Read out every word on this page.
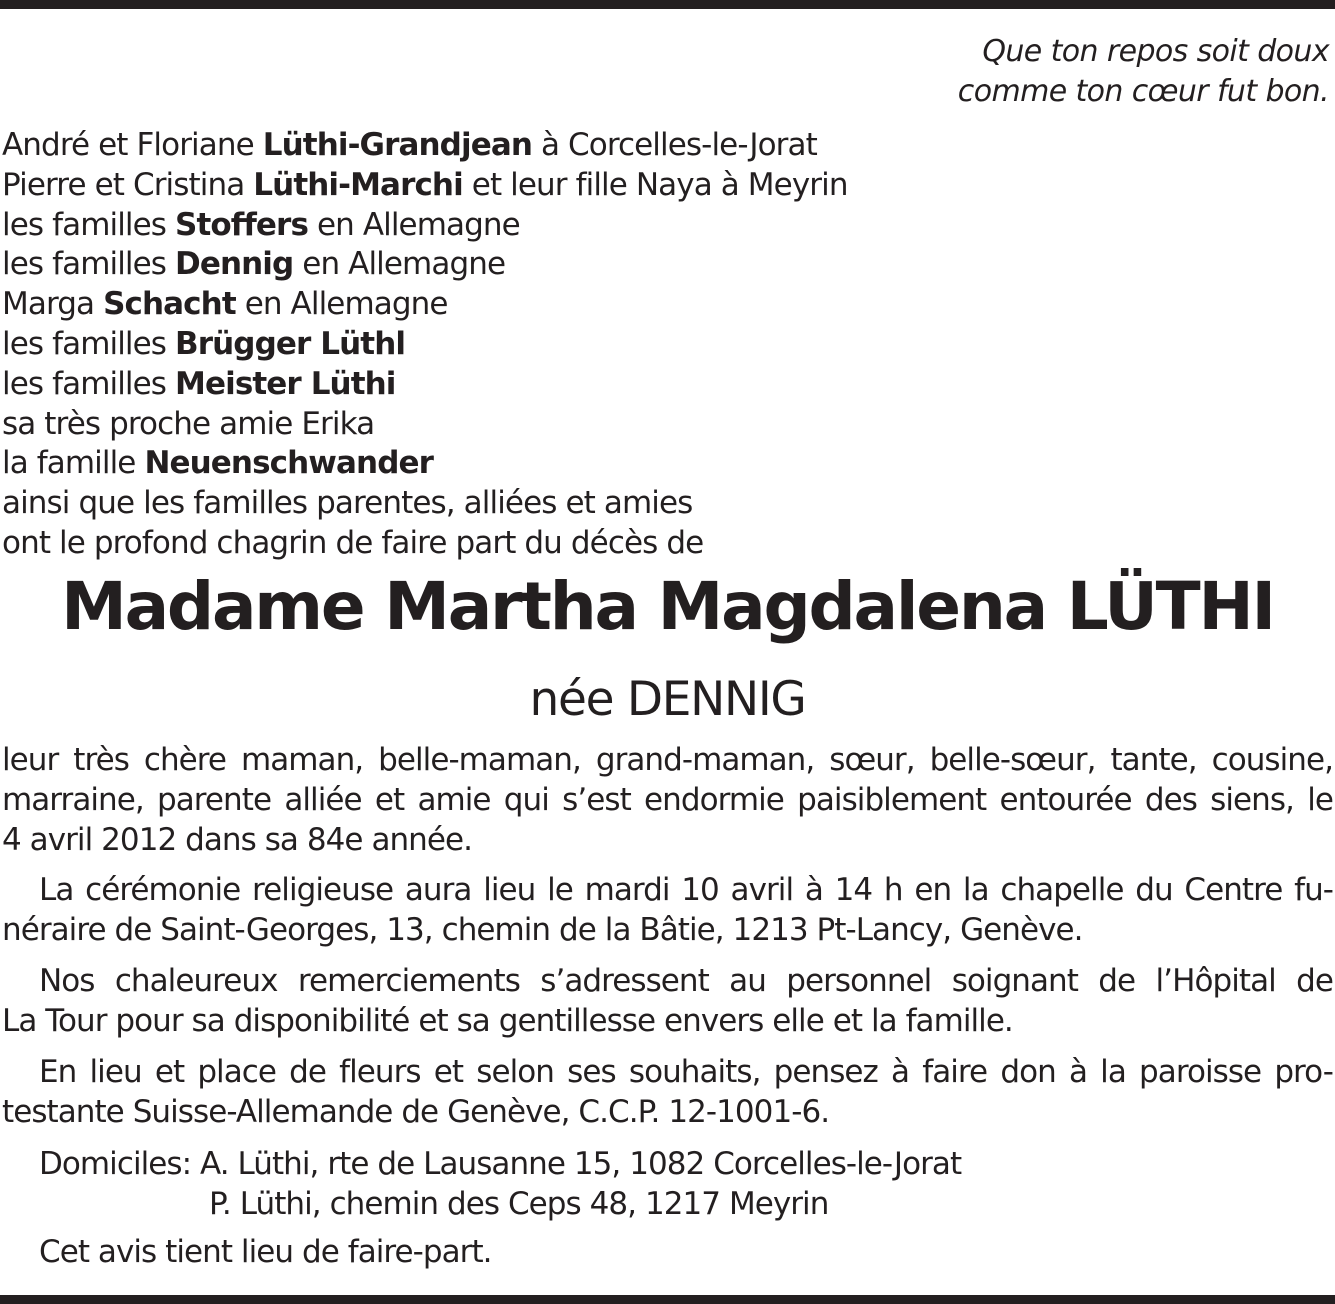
Que ton repos soit doux
comme ton cœur fut bon.
André et Floriane Lüthi-Grandjean à Corcelles-le-Jorat
Pierre et Cristina Lüthi-Marchi et leur fille Naya à Meyrin
les familles Stoffers en Allemagne
les familles Dennig en Allemagne
Marga Schacht en Allemagne
les familles Brügger Lüthl
les familles Meister Lüthi
sa très proche amie Erika
la famille Neuenschwander
ainsi que les familles parentes, alliées et amies
ont le profond chagrin de faire part du décès de
Madame Martha Magdalena LÜTHI
née DENNIG
leur très chère maman, belle-maman, grand-maman, sœur, belle-sœur, tante, cousine,
marraine, parente alliée et amie qui s’est endormie paisiblement entourée des siens, le
4 avril 2012 dans sa 84e année.
La cérémonie religieuse aura lieu le mardi 10 avril à 14 h en la chapelle du Centre fu-
néraire de Saint-Georges, 13, chemin de la Bâtie, 1213 Pt-Lancy, Genève.
Nos chaleureux remerciements s’adressent au personnel soignant de l’Hôpital de
La Tour pour sa disponibilité et sa gentillesse envers elle et la famille.
En lieu et place de fleurs et selon ses souhaits, pensez à faire don à la paroisse pro-
testante Suisse-Allemande de Genève, C.C.P. 12-1001-6.
Domiciles: A. Lüthi, rte de Lausanne 15, 1082 Corcelles-le-Jorat
P. Lüthi, chemin des Ceps 48, 1217 Meyrin
Cet avis tient lieu de faire-part.
